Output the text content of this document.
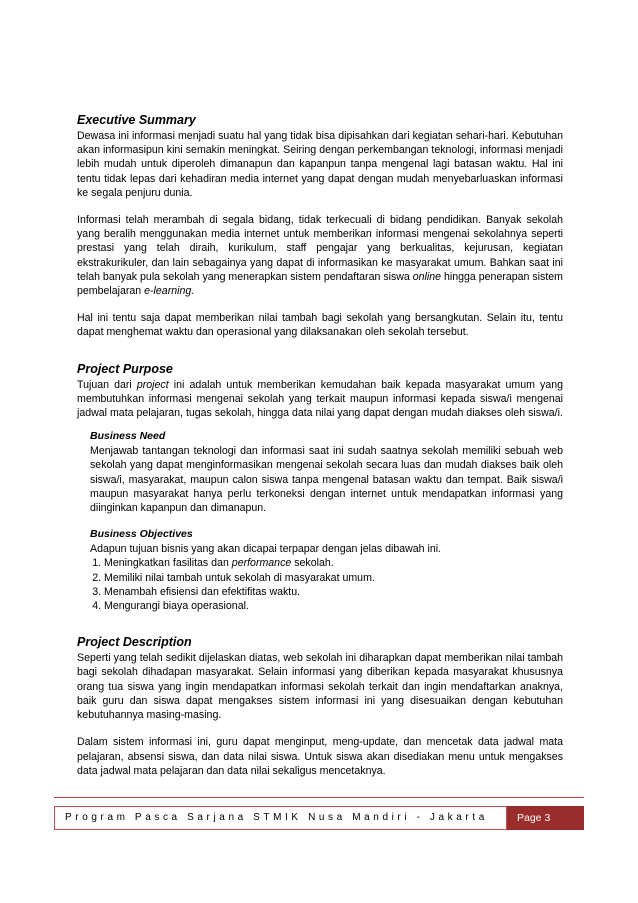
Executive Summary

Dewasa ini informasi menjadi suatu hal yang tidak bisa dipisahkan dari kegiatan sehari-hari. Kebutuhan akan informasipun kini semakin meningkat. Seiring dengan perkembangan teknologi, informasi menjadi lebih mudah untuk diperoleh dimanapun dan kapanpun tanpa mengenal lagi batasan waktu. Hal ini tentu tidak lepas dari kehadiran media internet yang dapat dengan mudah menyebarluaskan informasi ke segala penjuru dunia.

Informasi telah merambah di segala bidang, tidak terkecuali di bidang pendidikan. Banyak sekolah yang beralih menggunakan media internet untuk memberikan informasi mengenai sekolahnya seperti prestasi yang telah diraih, kurikulum, staff pengajar yang berkualitas, kejurusan, kegiatan ekstrakurikuler, dan lain sebagainya yang dapat di informasikan ke masyarakat umum. Bahkan saat ini telah banyak pula sekolah yang menerapkan sistem pendaftaran siswa online hingga penerapan sistem pembelajaran e-learning.

Hal ini tentu saja dapat memberikan nilai tambah bagi sekolah yang bersangkutan. Selain itu, tentu dapat menghemat waktu dan operasional yang dilaksanakan oleh sekolah tersebut.

Project Purpose

Tujuan dari project ini adalah untuk memberikan kemudahan baik kepada masyarakat umum yang membutuhkan informasi mengenai sekolah yang terkait maupun informasi kepada siswa/i mengenai jadwal mata pelajaran, tugas sekolah, hingga data nilai yang dapat dengan mudah diakses oleh siswa/i.

Business Need

Menjawab tantangan teknologi dan informasi saat ini sudah saatnya sekolah memiliki sebuah web sekolah yang dapat menginformasikan mengenai sekolah secara luas dan mudah diakses baik oleh siswa/i, masyarakat, maupun calon siswa tanpa mengenal batasan waktu dan tempat. Baik siswa/i maupun masyarakat hanya perlu terkoneksi dengan internet untuk mendapatkan informasi yang diinginkan kapanpun dan dimanapun.

Business Objectives

Adapun tujuan bisnis yang akan dicapai terpapar dengan jelas dibawah ini.

1. Meningkatkan fasilitas dan performance sekolah.
2. Memiliki nilai tambah untuk sekolah di masyarakat umum.
3. Menambah efisiensi dan efektifitas waktu.
4. Mengurangi biaya operasional.
Project Description

Seperti yang telah sedikit dijelaskan diatas, web sekolah ini diharapkan dapat memberikan nilai tambah bagi sekolah dihadapan masyarakat. Selain informasi yang diberikan kepada masyarakat khususnya orang tua siswa yang ingin mendapatkan informasi sekolah terkait dan ingin mendaftarkan anaknya, baik guru dan siswa dapat mengakses sistem informasi ini yang disesuaikan dengan kebutuhan kebutuhannya masing-masing.

Dalam sistem informasi ini, guru dapat menginput, meng-update, dan mencetak data jadwal mata pelajaran, absensi siswa, dan data nilai siswa. Untuk siswa akan disediakan menu untuk mengakses data jadwal mata pelajaran dan data nilai sekaligus mencetaknya.

Program Pasca Sarjana STMIK Nusa Mandiri - Jakarta	Page 3
